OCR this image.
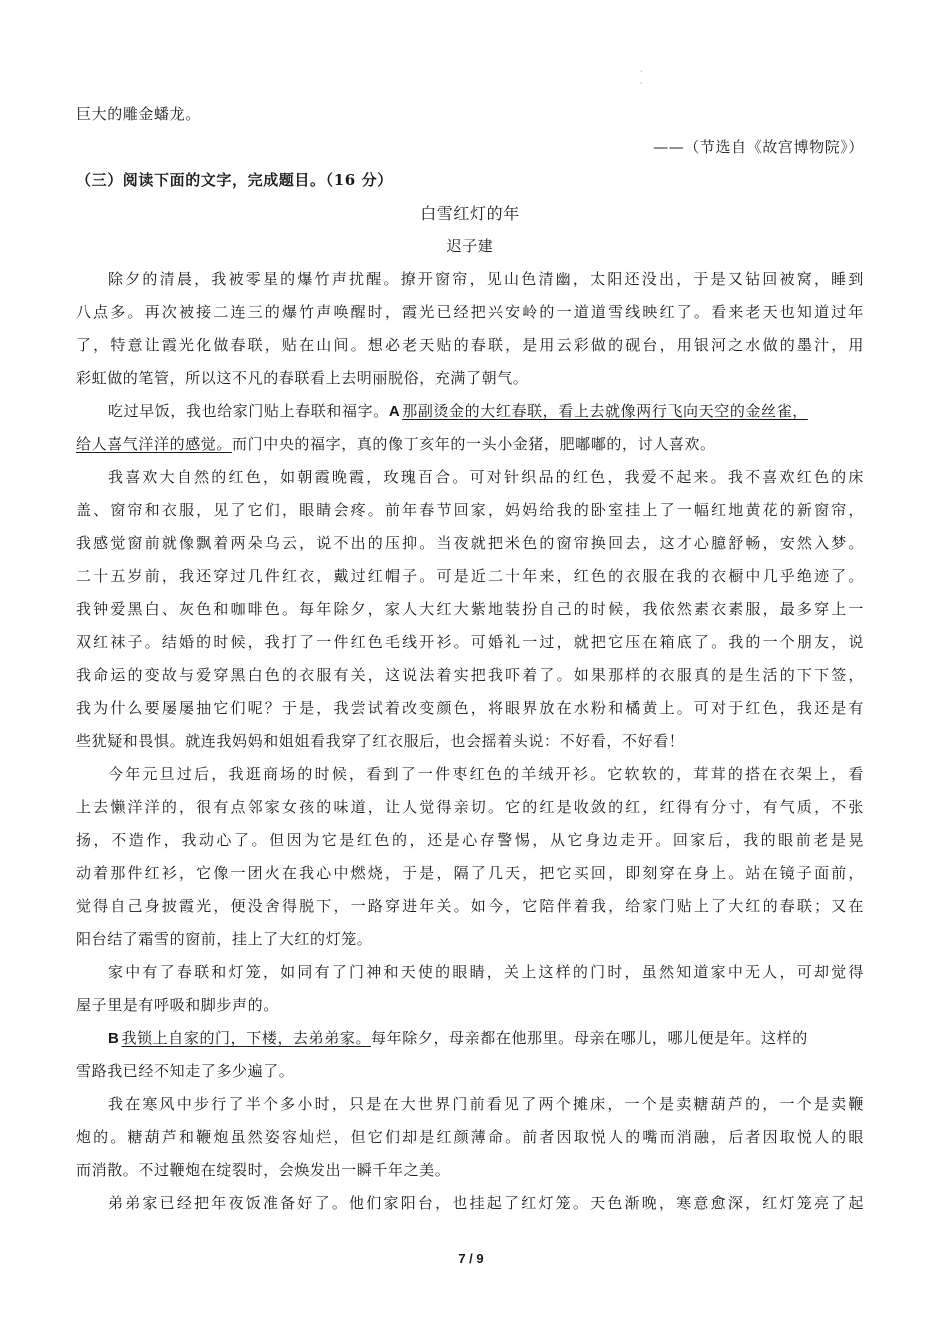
·
·
巨大的雕金蟠龙。
——（节选自《故宫博物院》）
（三）阅读下面的文字，完成题目。（16 分）
白雪红灯的年
迟子建
除夕的清晨，我被零星的爆竹声扰醒。撩开窗帘，见山色清幽，太阳还没出，于是又钻回被窝，睡到
八点多。再次被接二连三的爆竹声唤醒时，霞光已经把兴安岭的一道道雪线映红了。看来老天也知道过年
了，特意让霞光化做春联，贴在山间。想必老天贴的春联，是用云彩做的砚台，用银河之水做的墨汁，用
彩虹做的笔管，所以这不凡的春联看上去明丽脱俗，充满了朝气。
吃过早饭，我也给家门贴上春联和福字。A 那副烫金的大红春联，看上去就像两行飞向天空的金丝雀，
给人喜气洋洋的感觉。而门中央的福字，真的像丁亥年的一头小金猪，肥嘟嘟的，讨人喜欢。
我喜欢大自然的红色，如朝霞晚霞，玫瑰百合。可对针织品的红色，我爱不起来。我不喜欢红色的床
盖、窗帘和衣服，见了它们，眼睛会疼。前年春节回家，妈妈给我的卧室挂上了一幅红地黄花的新窗帘，
我感觉窗前就像飘着两朵乌云，说不出的压抑。当夜就把米色的窗帘换回去，这才心臆舒畅，安然入梦。
二十五岁前，我还穿过几件红衣，戴过红帽子。可是近二十年来，红色的衣服在我的衣橱中几乎绝迹了。
我钟爱黑白、灰色和咖啡色。每年除夕，家人大红大紫地装扮自己的时候，我依然素衣素服，最多穿上一
双红袜子。结婚的时候，我打了一件红色毛线开衫。可婚礼一过，就把它压在箱底了。我的一个朋友，说
我命运的变故与爱穿黑白色的衣服有关，这说法着实把我吓着了。如果那样的衣服真的是生活的下下签，
我为什么要屡屡抽它们呢？于是，我尝试着改变颜色，将眼界放在水粉和橘黄上。可对于红色，我还是有
些犹疑和畏惧。就连我妈妈和姐姐看我穿了红衣服后，也会摇着头说：不好看，不好看！
今年元旦过后，我逛商场的时候，看到了一件枣红色的羊绒开衫。它软软的，茸茸的搭在衣架上，看
上去懒洋洋的，很有点邻家女孩的味道，让人觉得亲切。它的红是收敛的红，红得有分寸，有气质，不张
扬，不造作，我动心了。但因为它是红色的，还是心存警惕，从它身边走开。回家后，我的眼前老是晃
动着那件红衫，它像一团火在我心中燃烧，于是，隔了几天，把它买回，即刻穿在身上。站在镜子面前，
觉得自己身披霞光，便没舍得脱下，一路穿进年关。如今，它陪伴着我，给家门贴上了大红的春联；又在
阳台结了霜雪的窗前，挂上了大红的灯笼。
家中有了春联和灯笼，如同有了门神和天使的眼睛，关上这样的门时，虽然知道家中无人，可却觉得
屋子里是有呼吸和脚步声的。
B 我锁上自家的门，下楼，去弟弟家。每年除夕，母亲都在他那里。母亲在哪儿，哪儿便是年。这样的
雪路我已经不知走了多少遍了。
我在寒风中步行了半个多小时，只是在大世界门前看见了两个摊床，一个是卖糖葫芦的，一个是卖鞭
炮的。糖葫芦和鞭炮虽然姿容灿烂，但它们却是红颜薄命。前者因取悦人的嘴而消融，后者因取悦人的眼
而消散。不过鞭炮在绽裂时，会焕发出一瞬千年之美。
弟弟家已经把年夜饭准备好了。他们家阳台，也挂起了红灯笼。天色渐晚，寒意愈深，红灯笼亮了起
7 / 9
